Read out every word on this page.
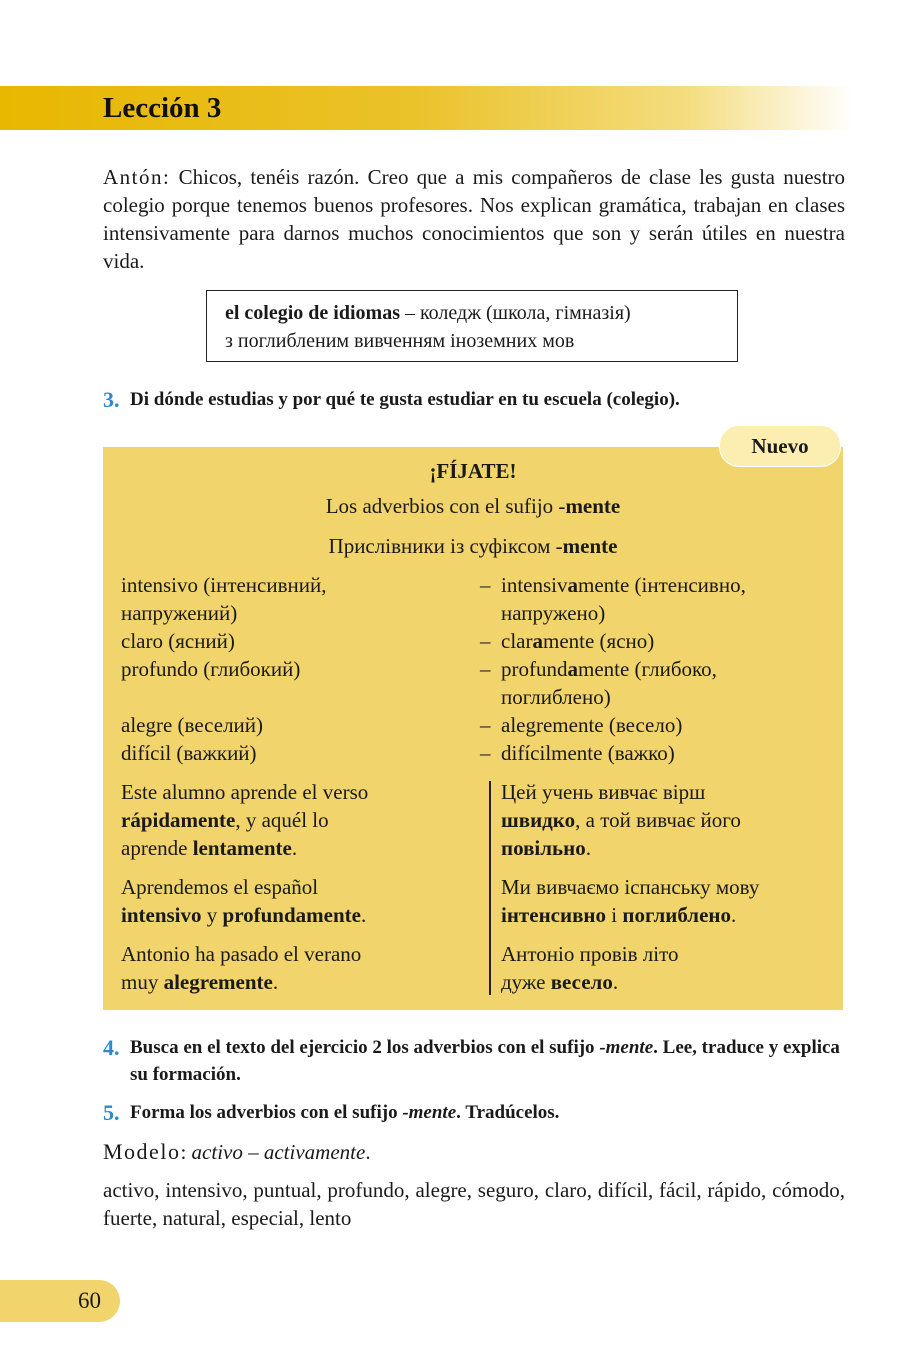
Lección 3

Antón: Chicos, tenéis razón. Creo que a mis compañeros de clase les gusta nuestro colegio porque tenemos buenos profesores. Nos explican gramática, trabajan en clases intensivamente para darnos muchos conocimientos que son y serán útiles en nuestra vida.

el colegio de idiomas – коледж (школа, гімназія)
з поглибленим вивченням іноземних мов
3. Di dónde estudias y por qué te gusta estudiar en tu escuela (colegio).
¡FÍJATE!
Los adverbios con el sufijo -mente
Прислівники із суфіксом -mente
intensivo (інтенсивний,
напружений)
claro (ясний)
profundo (глибокий)
alegre (веселий)
difícil (важкий)
– intensivamente (інтенсивно,
напружено)
– claramente (ясно)
– profundamente (глибоко,
поглиблено)
– alegremente (весело)
– difícilmente (важко)
Este alumno aprende el verso
rápidamente, y aquél lo
aprende lentamente.
Цей учень вивчає вірш
швидко, а той вивчає його
повільно.
Aprendemos el español
intensivo y profundamente.
Ми вивчаємо іспанську мову
інтенсивно і поглиблено.
Antonio ha pasado el verano
muy alegremente.
Антоніо провів літо
дуже весело.
Nuevo
4. Busca en el texto del ejercicio 2 los adverbios con el sufijo -mente. Lee, traduce y explica su formación.
5. Forma los adverbios con el sufijo -mente. Tradúcelos.

Modelo: activo – activamente.

activo, intensivo, puntual, profundo, alegre, seguro, claro, difícil, fácil, rápido, cómodo, fuerte, natural, especial, lento

60
